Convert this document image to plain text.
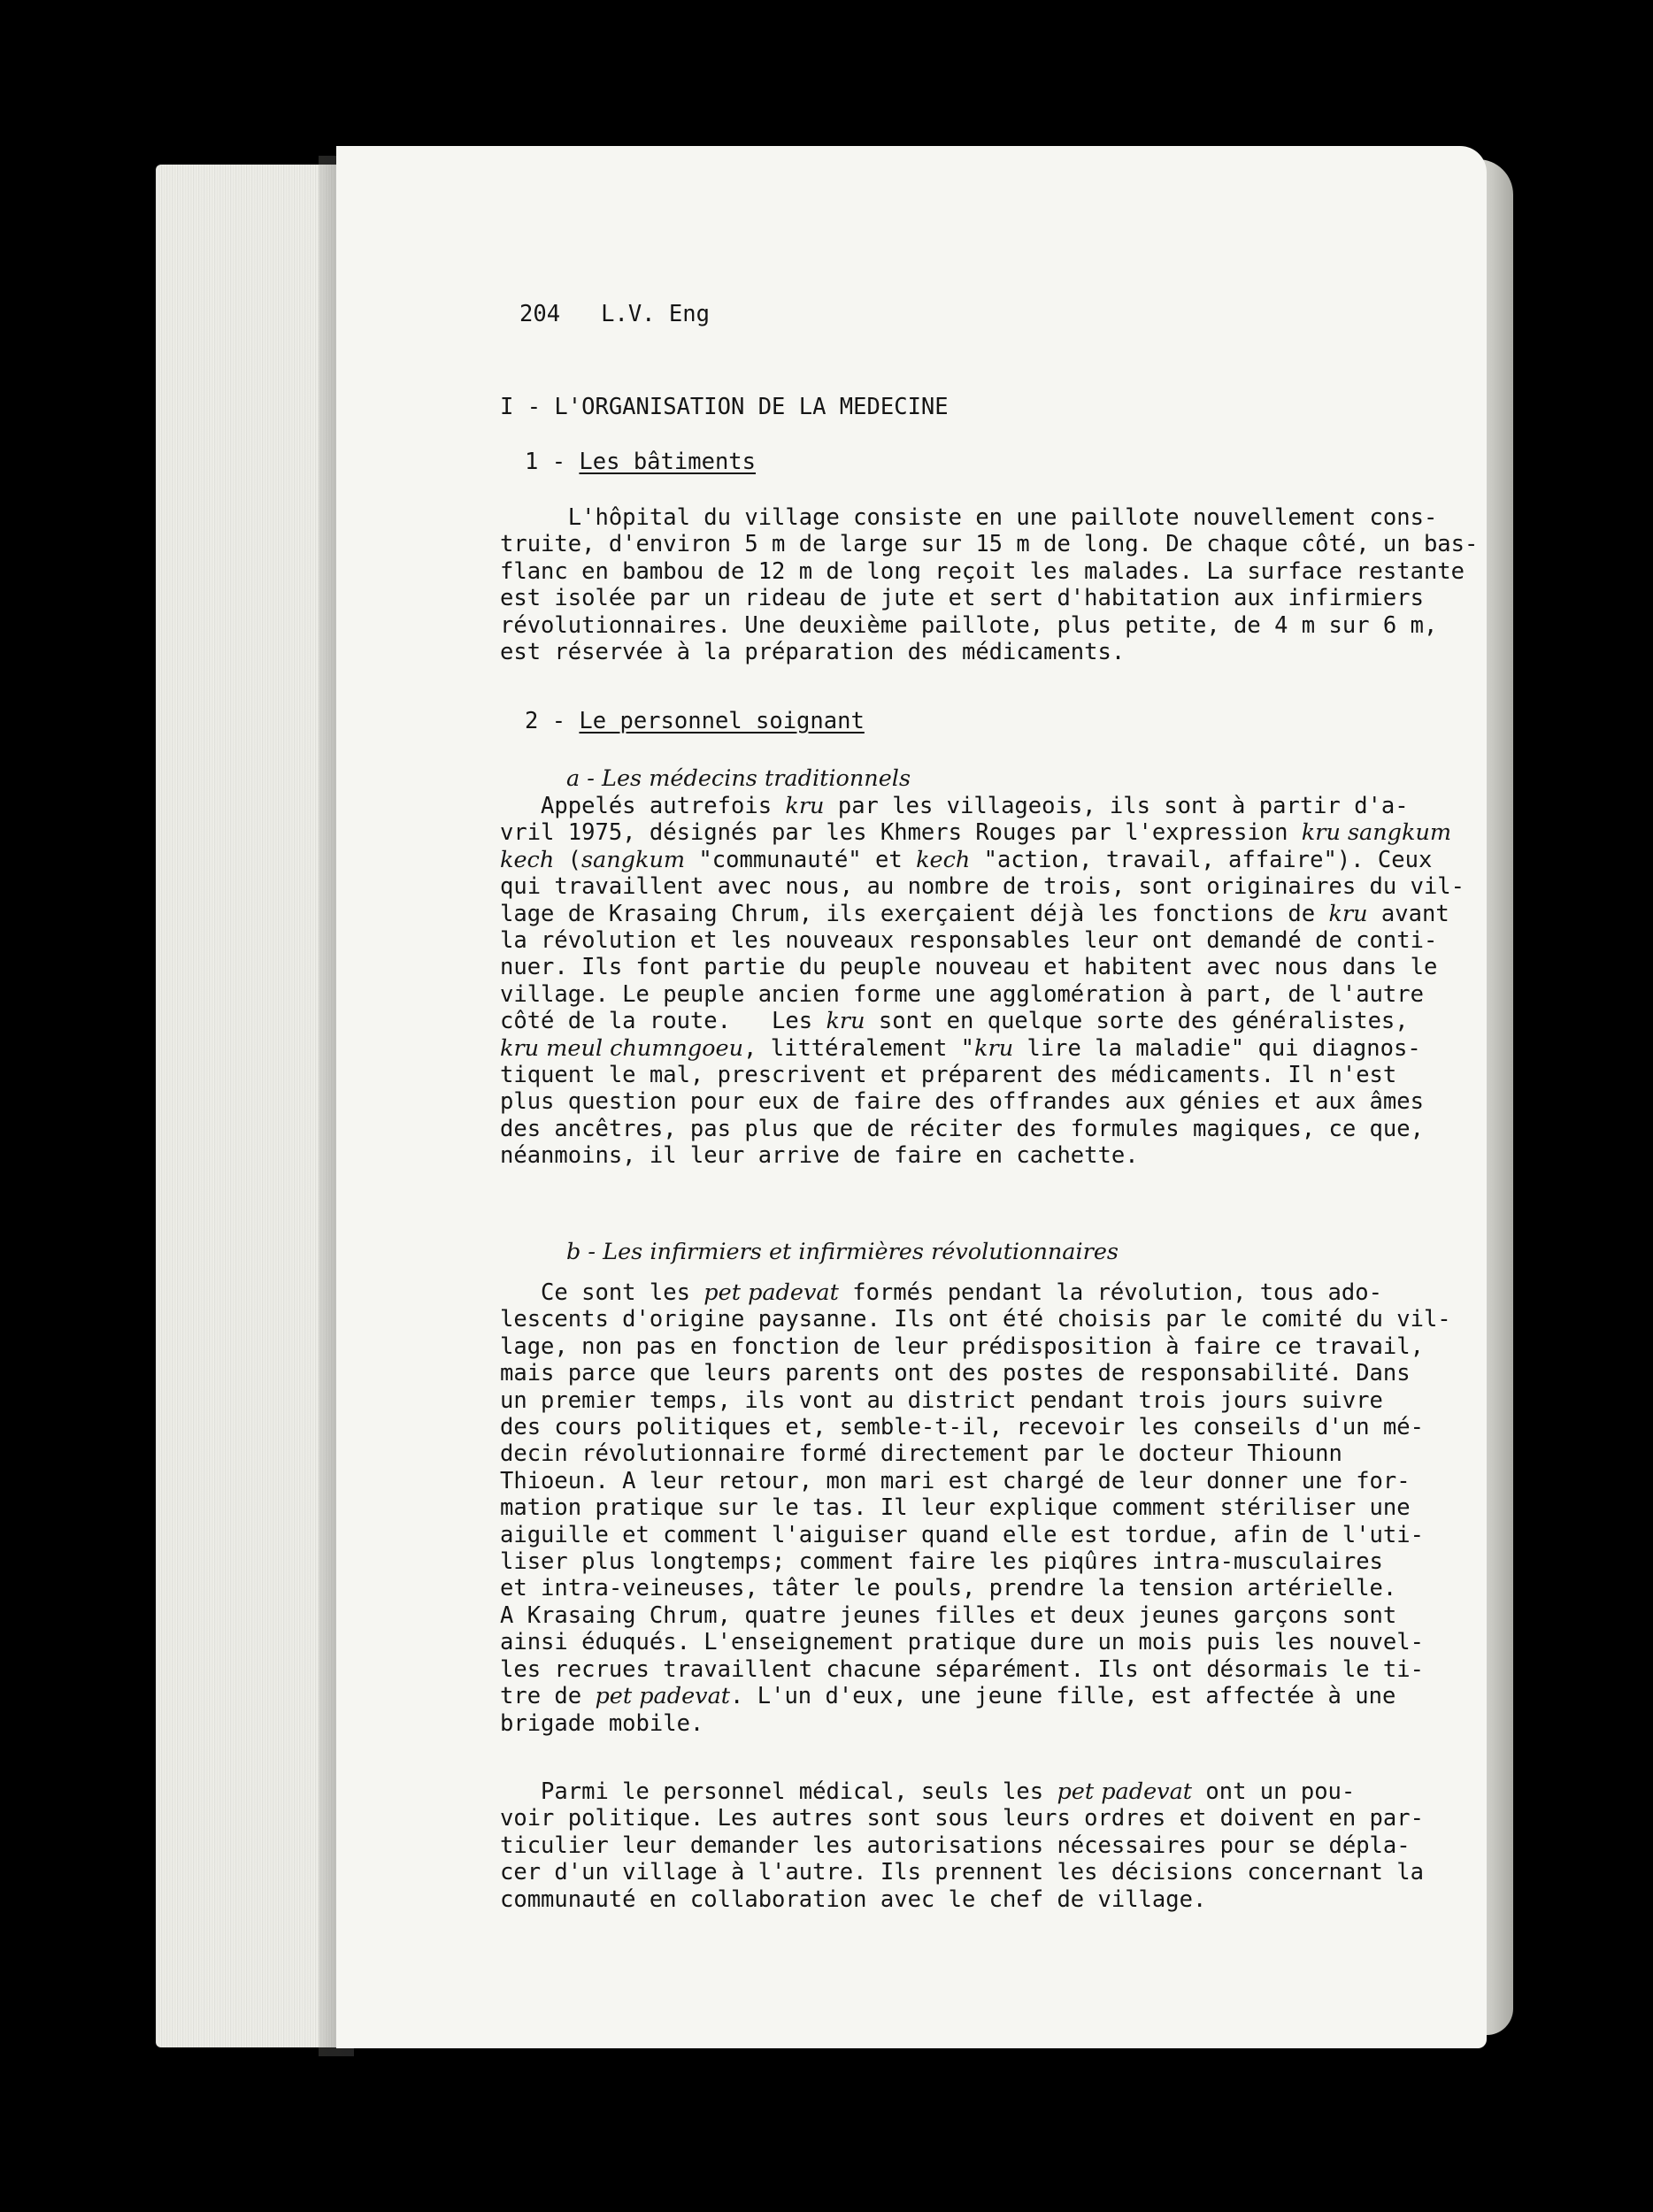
204 L.V. Eng
I - L'ORGANISATION DE LA MEDECINE
1 - Les bâtiments
L'hôpital du village consiste en une paillote nouvellement cons-
truite, d'environ 5 m de large sur 15 m de long. De chaque côté, un bas-
flanc en bambou de 12 m de long reçoit les malades. La surface restante
est isolée par un rideau de jute et sert d'habitation aux infirmiers
révolutionnaires. Une deuxième paillote, plus petite, de 4 m sur 6 m,
est réservée à la préparation des médicaments.
2 - Le personnel soignant
a - Les médecins traditionnels
Appelés autrefois kru par les villageois, ils sont à partir d'a-
vril 1975, désignés par les Khmers Rouges par l'expression kru sangkum
kech (sangkum "communauté" et kech "action, travail, affaire"). Ceux
qui travaillent avec nous, au nombre de trois, sont originaires du vil-
lage de Krasaing Chrum, ils exerçaient déjà les fonctions de kru avant
la révolution et les nouveaux responsables leur ont demandé de conti-
nuer. Ils font partie du peuple nouveau et habitent avec nous dans le
village. Le peuple ancien forme une agglomération à part, de l'autre
côté de la route.   Les kru sont en quelque sorte des généralistes,
kru meul chumngoeu, littéralement "kru lire la maladie" qui diagnos-
tiquent le mal, prescrivent et préparent des médicaments. Il n'est
plus question pour eux de faire des offrandes aux génies et aux âmes
des ancêtres, pas plus que de réciter des formules magiques, ce que,
néanmoins, il leur arrive de faire en cachette.
b - Les infirmiers et infirmières révolutionnaires
Ce sont les pet padevat formés pendant la révolution, tous ado-
lescents d'origine paysanne. Ils ont été choisis par le comité du vil-
lage, non pas en fonction de leur prédisposition à faire ce travail,
mais parce que leurs parents ont des postes de responsabilité. Dans
un premier temps, ils vont au district pendant trois jours suivre
des cours politiques et, semble-t-il, recevoir les conseils d'un mé-
decin révolutionnaire formé directement par le docteur Thiounn
Thioeun. A leur retour, mon mari est chargé de leur donner une for-
mation pratique sur le tas. Il leur explique comment stériliser une
aiguille et comment l'aiguiser quand elle est tordue, afin de l'uti-
liser plus longtemps; comment faire les piqûres intra-musculaires
et intra-veineuses, tâter le pouls, prendre la tension artérielle.
A Krasaing Chrum, quatre jeunes filles et deux jeunes garçons sont
ainsi éduqués. L'enseignement pratique dure un mois puis les nouvel-
les recrues travaillent chacune séparément. Ils ont désormais le ti-
tre de pet padevat. L'un d'eux, une jeune fille, est affectée à une
brigade mobile.
Parmi le personnel médical, seuls les pet padevat ont un pou-
voir politique. Les autres sont sous leurs ordres et doivent en par-
ticulier leur demander les autorisations nécessaires pour se dépla-
cer d'un village à l'autre. Ils prennent les décisions concernant la
communauté en collaboration avec le chef de village.
